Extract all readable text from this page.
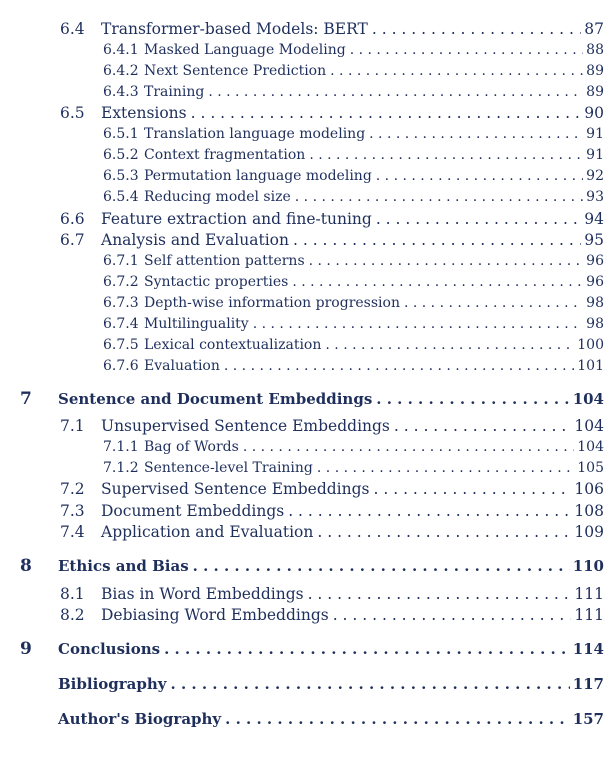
6.4 Transformer-based Models: BERT . . .	87
6.4.1 Masked Language Modeling . . .	88
6.4.2 Next Sentence Prediction . . .	89
6.4.3 Training . . .	89
6.5 Extensions . . .	90
6.5.1 Translation language modeling . . .	91
6.5.2 Context fragmentation . . .	91
6.5.3 Permutation language modeling . . .	92
6.5.4 Reducing model size . . .	93
6.6 Feature extraction and fine-tuning . . .	94
6.7 Analysis and Evaluation . . .	95
6.7.1 Self attention patterns . . .	96
6.7.2 Syntactic properties . . .	96
6.7.3 Depth-wise information progression . . .	98
6.7.4 Multilinguality . . .	98
6.7.5 Lexical contextualization . . .	100
6.7.6 Evaluation . . .	101
7 Sentence and Document Embeddings . . .	104
7.1 Unsupervised Sentence Embeddings . . .	104
7.1.1 Bag of Words . . .	104
7.1.2 Sentence-level Training . . .	105
7.2 Supervised Sentence Embeddings . . .	106
7.3 Document Embeddings . . .	108
7.4 Application and Evaluation . . .	109
8 Ethics and Bias . . .	110
8.1 Bias in Word Embeddings . . .	111
8.2 Debiasing Word Embeddings . . .	111
9 Conclusions . . .	114
Bibliography . . .	117
Author's Biography . . .	157
